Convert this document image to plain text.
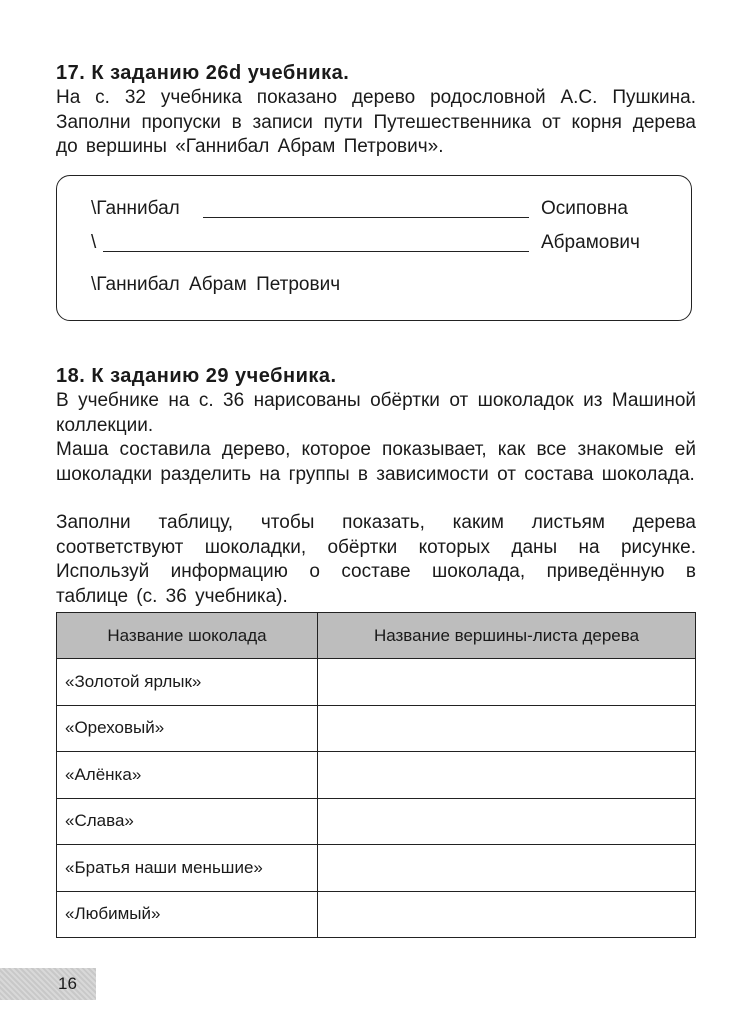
17. К заданию 26d учебника.

На с. 32 учебника показано дерево родословной А.С. Пушкина. Заполни пропуски в записи пути Путешественника от корня дерева до вершины «Ганнибал Абрам Петрович».

\Ганнибал	Осиповна
\	Абрамович
\Ганнибал Абрам Петрович
18. К заданию 29 учебника.

В учебнике на с. 36 нарисованы обёртки от шоколадок из Машиной коллекции.

Маша составила дерево, которое показывает, как все знакомые ей шоколадки разделить на группы в зависимости от состава шоколада.

Заполни таблицу, чтобы показать, каким листьям дерева соответствуют шоколадки, обёртки которых даны на рисунке. Используй информацию о составе шоколада, приведённую в таблице (с. 36 учебника).

Название шоколада	Название вершины-листа дерева
«Золотой ярлык»	
«Ореховый»	
«Алёнка»	
«Слава»	
«Братья наши меньшие»	
«Любимый»	
16
